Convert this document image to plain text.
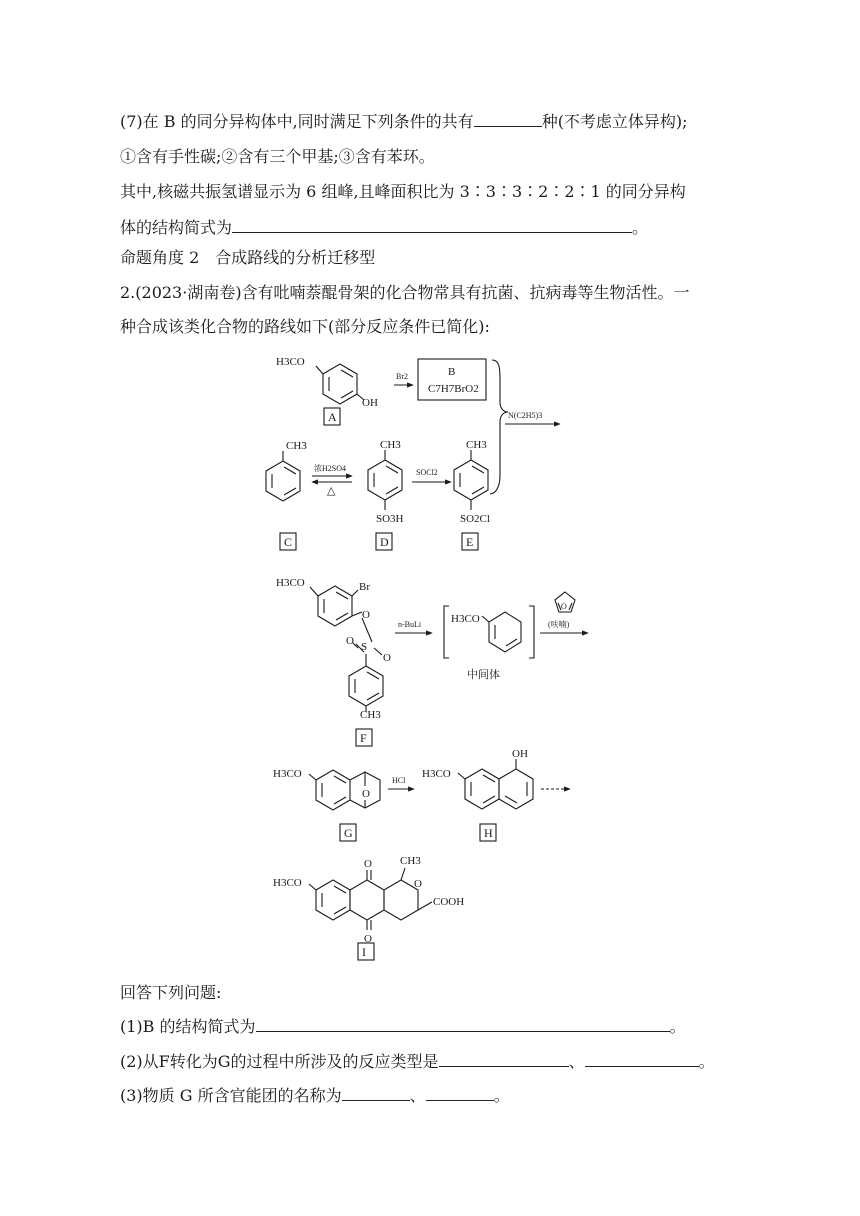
(7)在 B 的同分异构体中,同时满足下列条件的共有	种(不考虑立体异构);
①含有手性碳;②含有三个甲基;③含有苯环。
其中,核磁共振氢谱显示为 6 组峰,且峰面积比为 3∶3∶3∶2∶2∶1 的同分异构
体的结构简式为	。
命题角度 2　合成路线的分析迁移型
2.(2023·湖南卷)含有吡喃萘醌骨架的化合物常具有抗菌、抗病毒等生物活性。一
种合成该类化合物的路线如下(部分反应条件已简化):
H3CO
OH
A
Br2	B
C7H7BrO2
N(C2H5)3
CH3
浓H2SO4
△
CH3
SO3H
SOCl2
CH3
SO2Cl
C	D	E
H3CO	Br
O
S
O
O
CH3
F
n-BuLi	H3CO
中间体
O
(呋喃)
H3CO
O
G
HCl
H3CO
OH
H
O
O
CH3
O
COOH
H3CO
I
回答下列问题:
(1)B 的结构简式为	。
(2)从F转化为G的过程中所涉及的反应类型是	、	。
(3)物质 G 所含官能团的名称为	、	。
